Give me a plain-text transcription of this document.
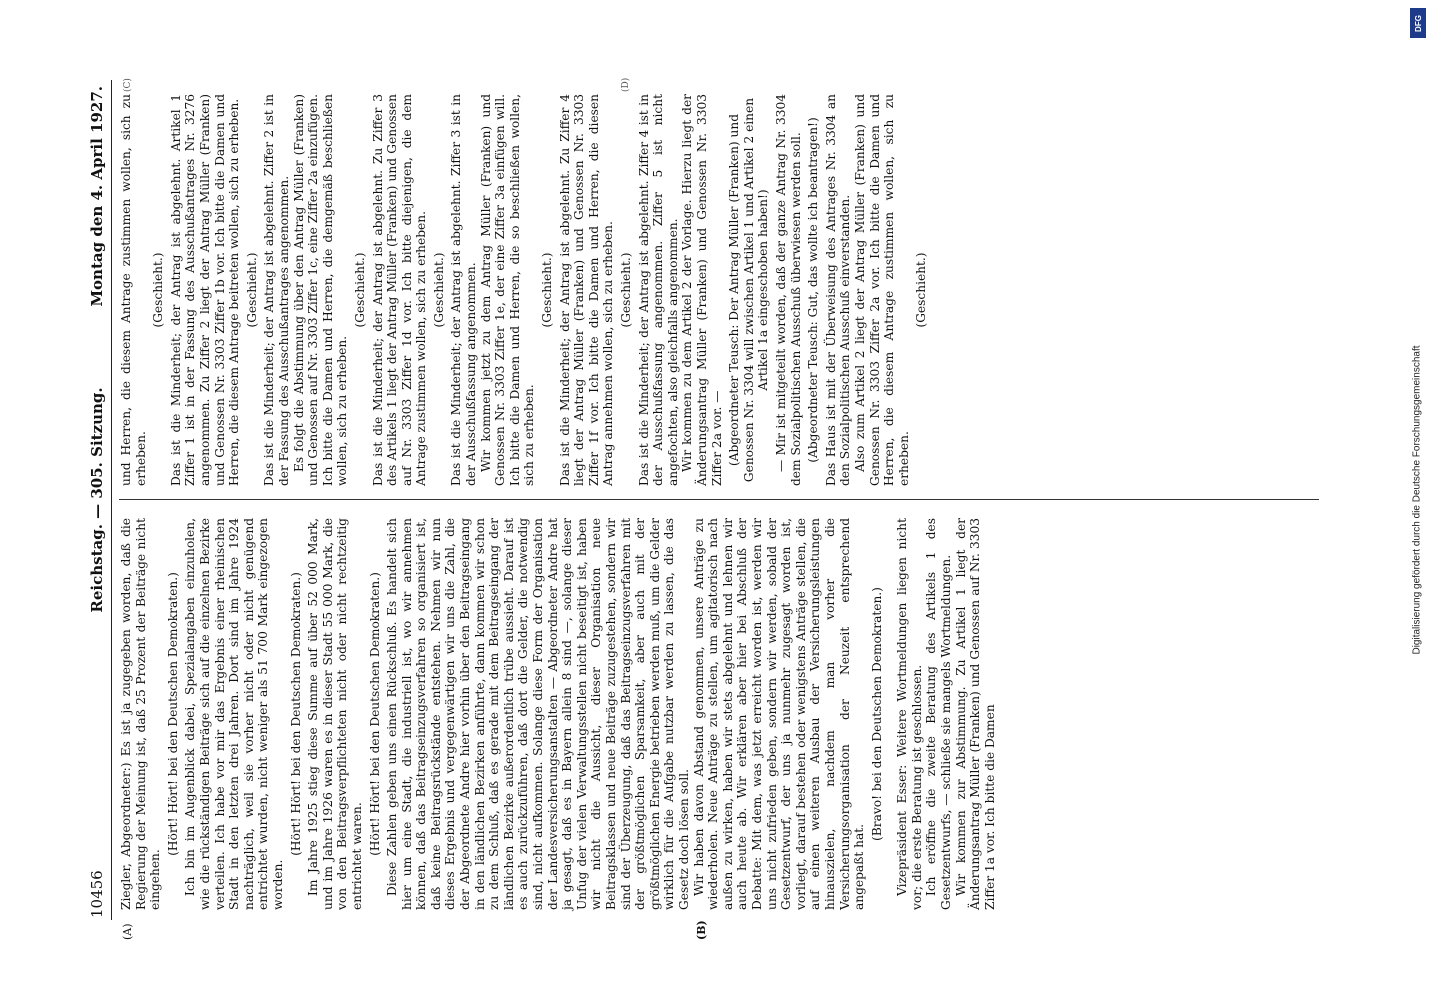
10456
Reichstag. — 305. Sitzung.
Montag den 4. April 1927.
(A)	(B)
(C)	(D)

Ziegler, Abgeordneter:) Es ist ja zugegeben worden, daß die Regierung der Meinung ist, daß 25 Prozent der Beiträge nicht eingehen.

(Hört! Hört! bei den Deutschen Demokraten.) Ich bin im Augenblick dabei, Spezialangaben einzuholen, wie die rückständigen Beiträge sich auf die einzelnen Bezirke verteilen. Ich habe vor mir das Ergebnis einer rheinischen Stadt in den letzten drei Jahren. Dort sind im Jahre 1924 nachträglich, weil sie vorher nicht oder nicht genügend entrichtet wurden, nicht weniger als 51 700 Mark eingezogen worden.

(Hört! Hört! bei den Deutschen Demokraten.) Im Jahre 1925 stieg diese Summe auf über 52 000 Mark, und im Jahre 1926 waren es in dieser Stadt 55 000 Mark, die von den Beitragsverpflichteten nicht oder nicht rechtzeitig entrichtet waren.

(Hört! Hört! bei den Deutschen Demokraten.) Diese Zahlen geben uns einen Rückschluß. Es handelt sich hier um eine Stadt, die industriell ist, wo wir annehmen können, daß das Beitragseinzugsverfahren so organisiert ist, daß keine Beitragsrückstände entstehen. Nehmen wir nun dieses Ergebnis und vergegenwärtigen wir uns die Zahl, die der Abgeordnete Andre hier vorhin über den Beitragseingang in den ländlichen Bezirken anführte, dann kommen wir schon zu dem Schluß, daß es gerade mit dem Beitragseingang der ländlichen Bezirke außerordentlich trübe aussieht. Darauf ist es auch zurückzuführen, daß dort die Gelder, die notwendig sind, nicht aufkommen. Solange diese Form der Organisation der Landesversicherungsanstalten — Abgeordneter Andre hat ja gesagt, daß es in Bayern allein 8 sind —, solange dieser Unfug der vielen Verwaltungsstellen nicht beseitigt ist, haben wir nicht die Aussicht, dieser Organisation neue Beitragsklassen und neue Beiträge zuzugestehen, sondern wir sind der Überzeugung, daß das Beitragseinzugsverfahren mit der größtmöglichen Sparsamkeit, aber auch mit der größtmöglichen Energie betrieben werden muß, um die Gelder wirklich für die Aufgabe nutzbar werden zu lassen, die das Gesetz doch lösen soll. Wir haben davon Abstand genommen, unsere Anträge zu wiederholen. Neue Anträge zu stellen, um agitatorisch nach außen zu wirken, haben wir stets abgelehnt und lehnen wir auch heute ab. Wir erklären aber hier bei Abschluß der Debatte: Mit dem, was jetzt erreicht worden ist, werden wir uns nicht zufrieden geben, sondern wir werden, sobald der Gesetzentwurf, der uns ja nunmehr zugesagt worden ist, vorliegt, darauf bestehen oder wenigstens Anträge stellen, die auf einen weiteren Ausbau der Versicherungsleistungen hinauszielen, nachdem man vorher die Versicherungsorganisation der Neuzeit entsprechend angepaßt hat.

(Bravo! bei den Deutschen Demokraten.) Vizepräsident Esser: Weitere Wortmeldungen liegen nicht vor; die erste Beratung ist geschlossen. Ich eröffne die zweite Beratung des Artikels 1 des Gesetzentwurfs, — schließe sie mangels Wortmeldungen. Wir kommen zur Abstimmung. Zu Artikel 1 liegt der Änderungsantrag Müller (Franken) und Genossen auf Nr. 3303 Ziffer 1a vor. Ich bitte die Damen

und Herren, die diesem Antrage zustimmen wollen, sich zu erheben.

(Geschieht.) Das ist die Minderheit; der Antrag ist abgelehnt. Artikel 1 Ziffer 1 ist in der Fassung des Ausschußantrages Nr. 3276 angenommen. Zu Ziffer 2 liegt der Antrag Müller (Franken) und Genossen Nr. 3303 Ziffer 1b vor. Ich bitte die Damen und Herren, die diesem Antrage beitreten wollen, sich zu erheben. (Geschieht.) Das ist die Minderheit; der Antrag ist abgelehnt. Ziffer 2 ist in der Fassung des Ausschußantrages angenommen. Es folgt die Abstimmung über den Antrag Müller (Franken) und Genossen auf Nr. 3303 Ziffer 1c, eine Ziffer 2a einzufügen. Ich bitte die Damen und Herren, die demgemäß beschließen wollen, sich zu erheben.

(Geschieht.) Das ist die Minderheit; der Antrag ist abgelehnt. Zu Ziffer 3 des Artikels 1 liegt der Antrag Müller (Franken) und Genossen auf Nr. 3303 Ziffer 1d vor. Ich bitte diejenigen, die dem Antrage zustimmen wollen, sich zu erheben. (Geschieht.) Das ist die Minderheit; der Antrag ist abgelehnt. Ziffer 3 ist in der Ausschußfassung angenommen. Wir kommen jetzt zu dem Antrag Müller (Franken) und Genossen Nr. 3303 Ziffer 1e, der eine Ziffer 3a einfügen will. Ich bitte die Damen und Herren, die so beschließen wollen, sich zu erheben.

(Geschieht.) Das ist die Minderheit; der Antrag ist abgelehnt. Zu Ziffer 4 liegt der Antrag Müller (Franken) und Genossen Nr. 3303 Ziffer 1f vor. Ich bitte die Damen und Herren, die diesen Antrag annehmen wollen, sich zu erheben. (Geschieht.) Das ist die Minderheit; der Antrag ist abgelehnt. Ziffer 4 ist in der Ausschußfassung angenommen. Ziffer 5 ist nicht angefochten, also gleichfalls angenommen. Wir kommen zu dem Artikel 2 der Vorlage. Hierzu liegt der Änderungsantrag Müller (Franken) und Genossen Nr. 3303 Ziffer 2a vor. — (Abgeordneter Teusch: Der Antrag Müller (Franken) und Genossen Nr. 3304 will zwischen Artikel 1 und Artikel 2 einen Artikel 1a eingeschoben haben!) — Mir ist mitgeteilt worden, daß der ganze Antrag Nr. 3304 dem Sozialpolitischen Ausschuß überwiesen werden soll. (Abgeordneter Teusch: Gut, das wollte ich beantragen!) Das Haus ist mit der Überweisung des Antrages Nr. 3304 an den Sozialpolitischen Ausschuß einverstanden. Also zum Artikel 2 liegt der Antrag Müller (Franken) und Genossen Nr. 3303 Ziffer 2a vor. Ich bitte die Damen und Herren, die diesem Antrage zustimmen wollen, sich zu erheben.

(Geschieht.)

Digitalisierung gefördert durch die Deutsche Forschungsgemeinschaft
DFG
